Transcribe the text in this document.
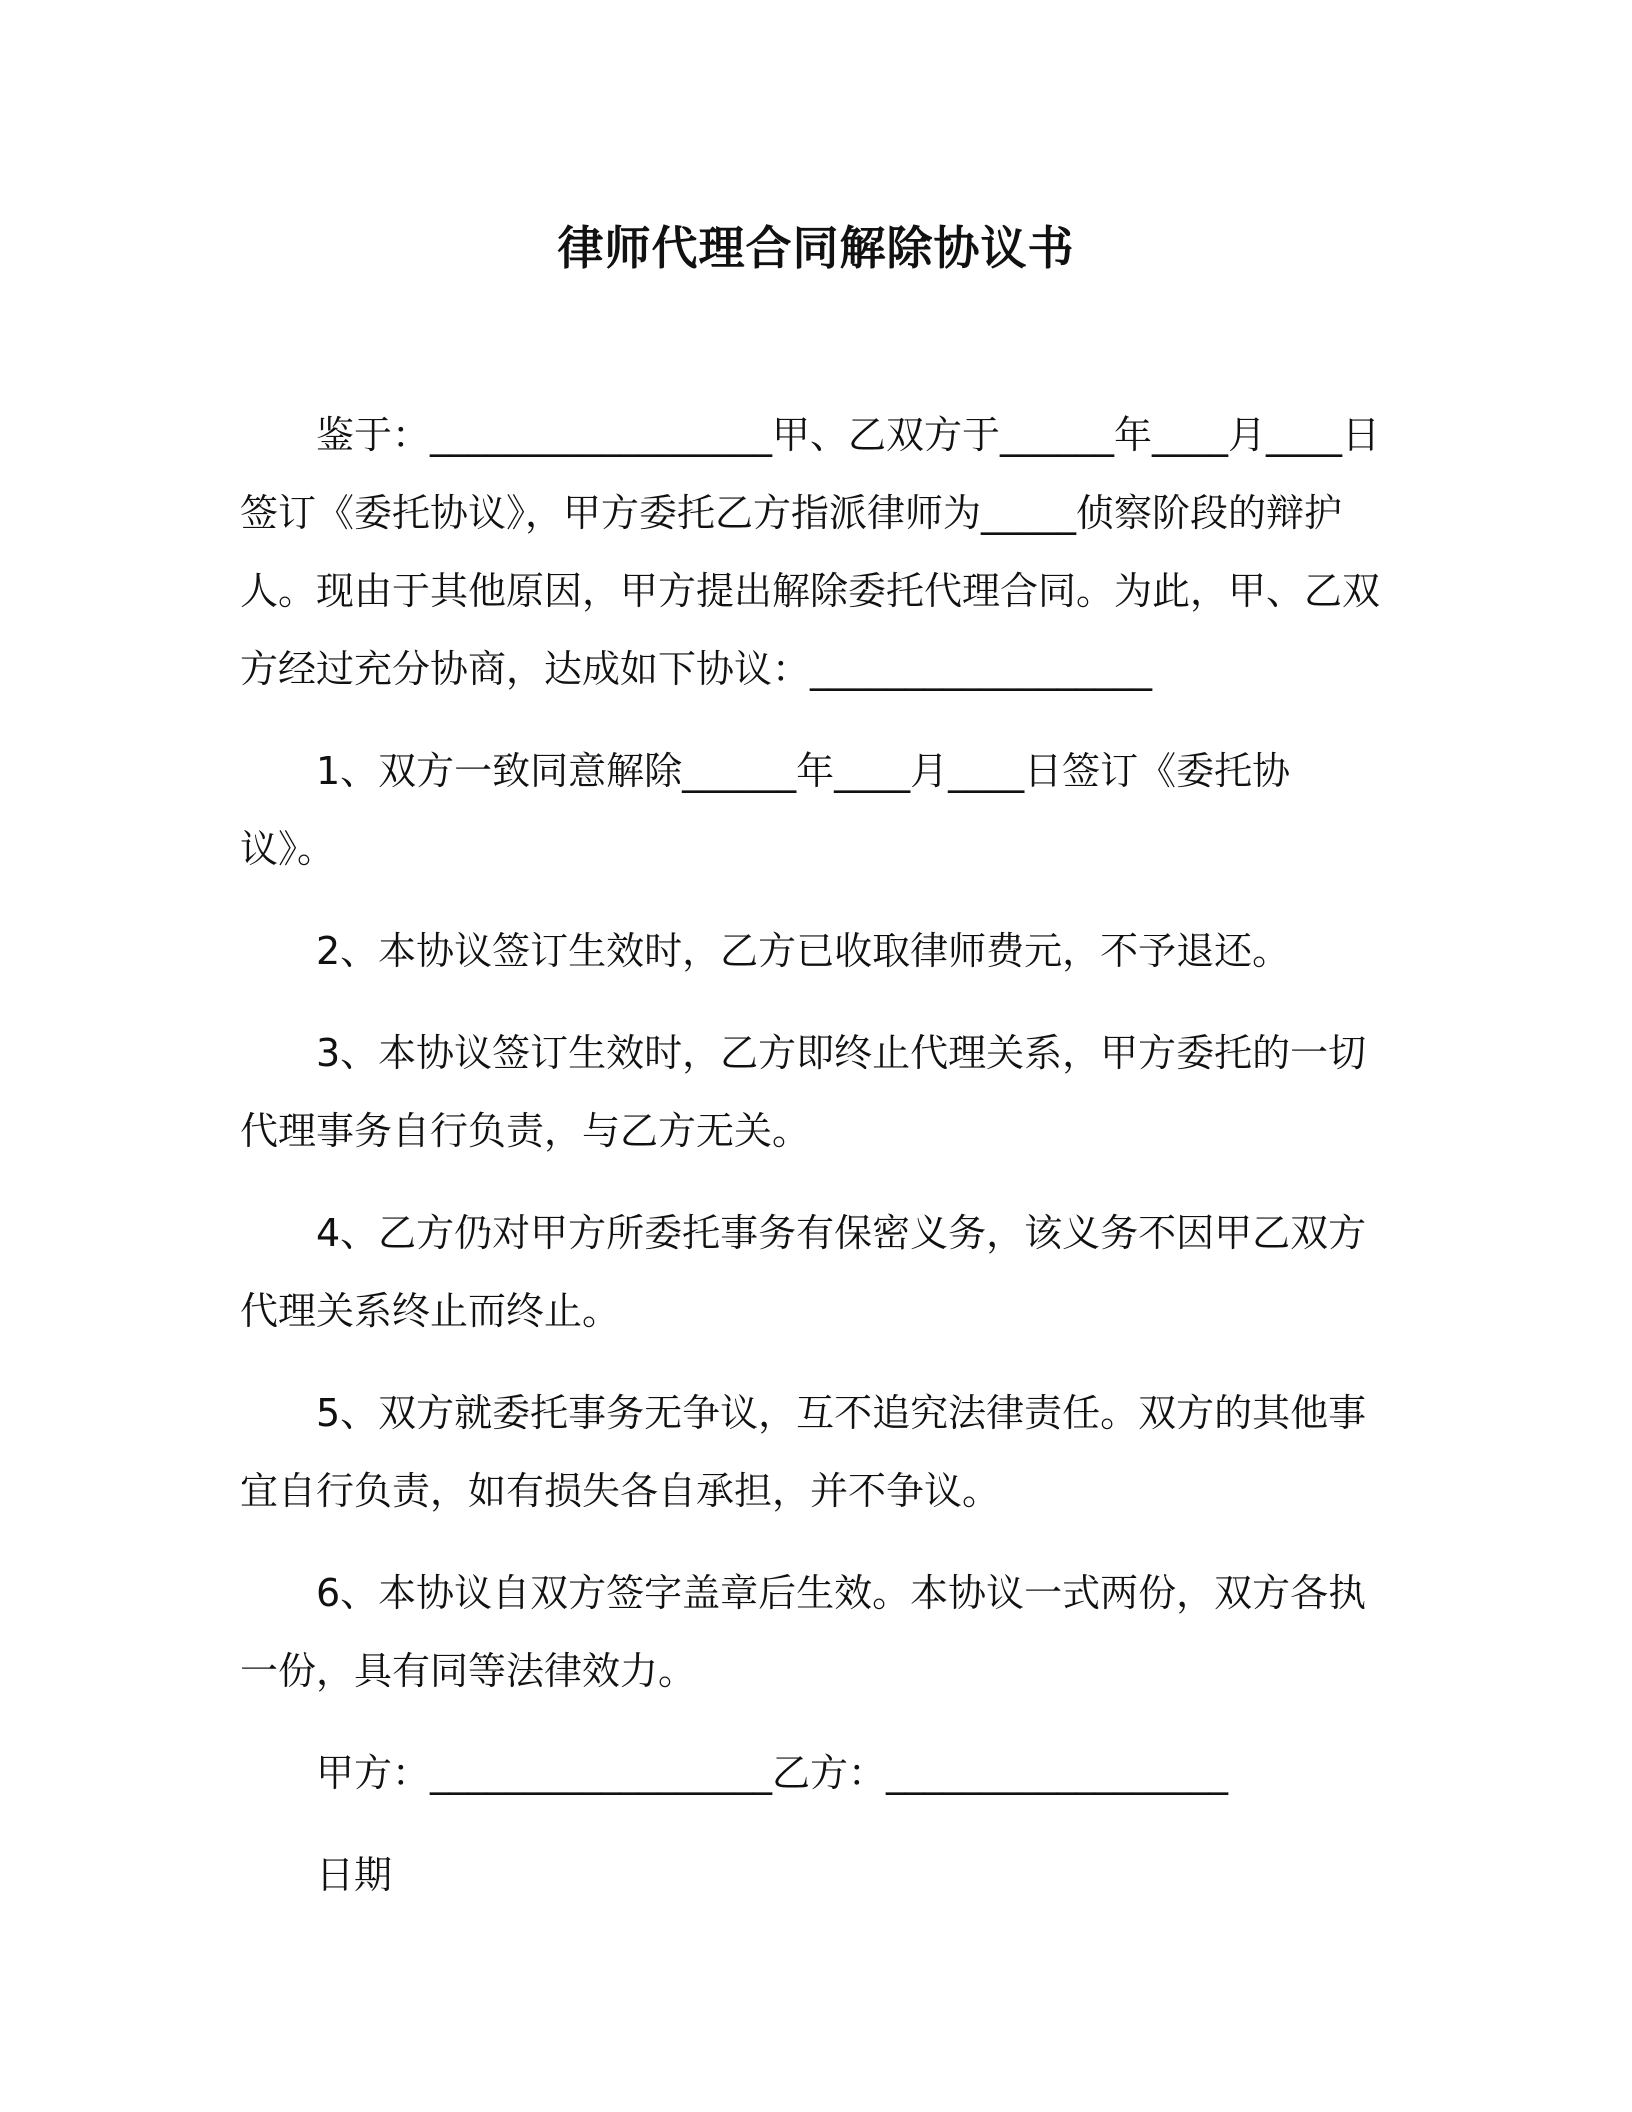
律师代理合同解除协议书

鉴于：__________________甲、乙双方于______年____月____日签订《委托协议》，甲方委托乙方指派律师为_____侦察阶段的辩护人。现由于其他原因，甲方提出解除委托代理合同。为此，甲、乙双方经过充分协商，达成如下协议：__________________

1、双方一致同意解除______年____月____日签订《委托协议》。

2、本协议签订生效时，乙方已收取律师费元，不予退还。

3、本协议签订生效时，乙方即终止代理关系，甲方委托的一切代理事务自行负责，与乙方无关。

4、乙方仍对甲方所委托事务有保密义务，该义务不因甲乙双方代理关系终止而终止。

5、双方就委托事务无争议，互不追究法律责任。双方的其他事宜自行负责，如有损失各自承担，并不争议。

6、本协议自双方签字盖章后生效。本协议一式两份，双方各执一份，具有同等法律效力。

甲方：__________________乙方：__________________

日期
